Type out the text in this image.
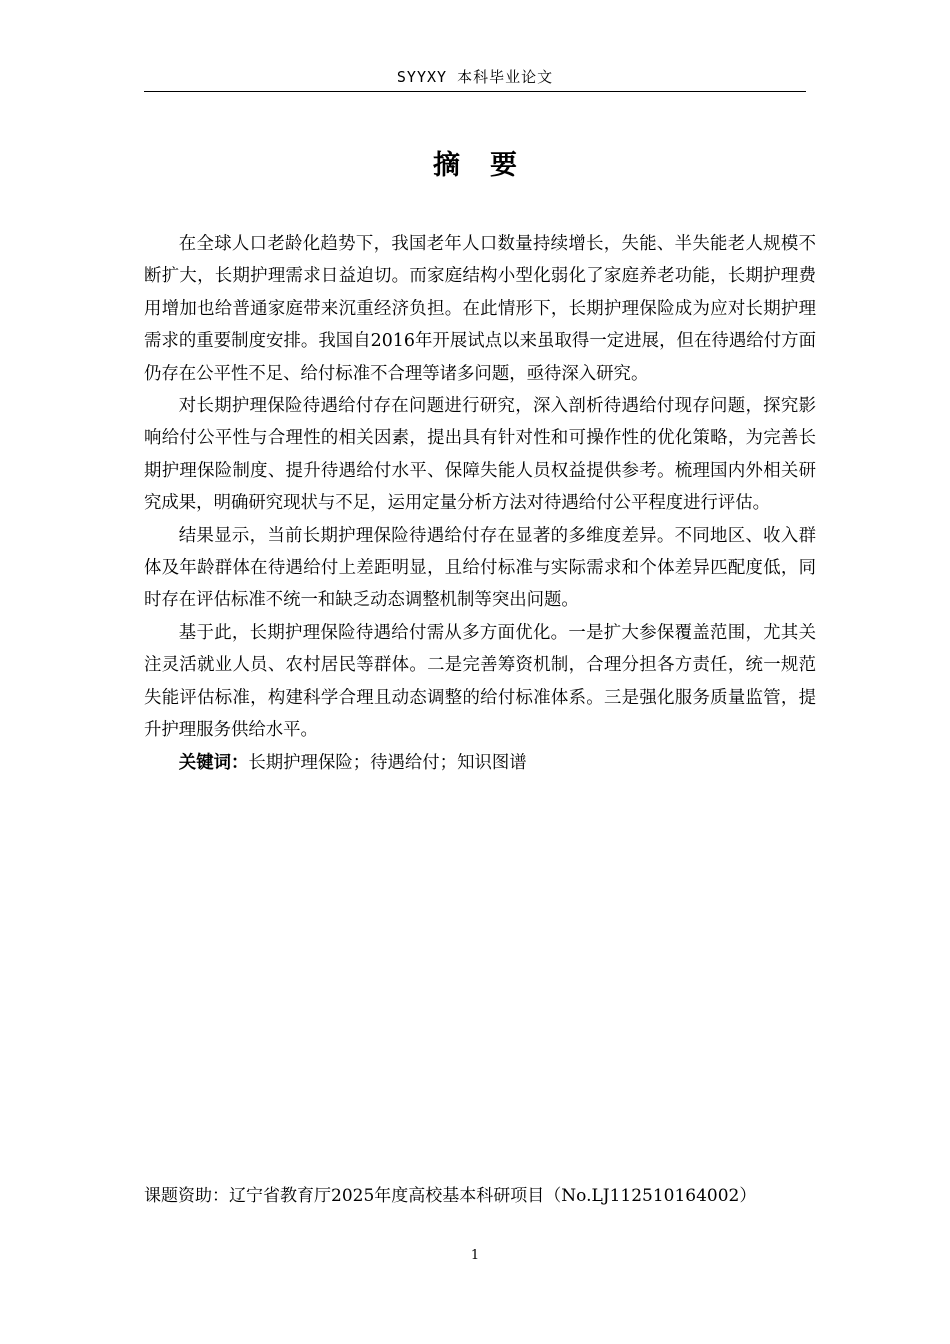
SYYXY 本科毕业论文
摘要

在全球人口老龄化趋势下，我国老年人口数量持续增长，失能、半失能老人规模不断扩大，长期护理需求日益迫切。而家庭结构小型化弱化了家庭养老功能，长期护理费用增加也给普通家庭带来沉重经济负担。在此情形下，长期护理保险成为应对长期护理需求的重要制度安排。我国自2016年开展试点以来虽取得一定进展，但在待遇给付方面仍存在公平性不足、给付标准不合理等诸多问题，亟待深入研究。

对长期护理保险待遇给付存在问题进行研究，深入剖析待遇给付现存问题，探究影响给付公平性与合理性的相关因素，提出具有针对性和可操作性的优化策略，为完善长期护理保险制度、提升待遇给付水平、保障失能人员权益提供参考。梳理国内外相关研究成果，明确研究现状与不足，运用定量分析方法对待遇给付公平程度进行评估。

结果显示，当前长期护理保险待遇给付存在显著的多维度差异。不同地区、收入群体及年龄群体在待遇给付上差距明显，且给付标准与实际需求和个体差异匹配度低，同时存在评估标准不统一和缺乏动态调整机制等突出问题。

基于此，长期护理保险待遇给付需从多方面优化。一是扩大参保覆盖范围，尤其关注灵活就业人员、农村居民等群体。二是完善筹资机制，合理分担各方责任，统一规范失能评估标准，构建科学合理且动态调整的给付标准体系。三是强化服务质量监管，提升护理服务供给水平。

关键词：长期护理保险；待遇给付；知识图谱

课题资助：辽宁省教育厅2025年度高校基本科研项目（No.LJ112510164002）
1
